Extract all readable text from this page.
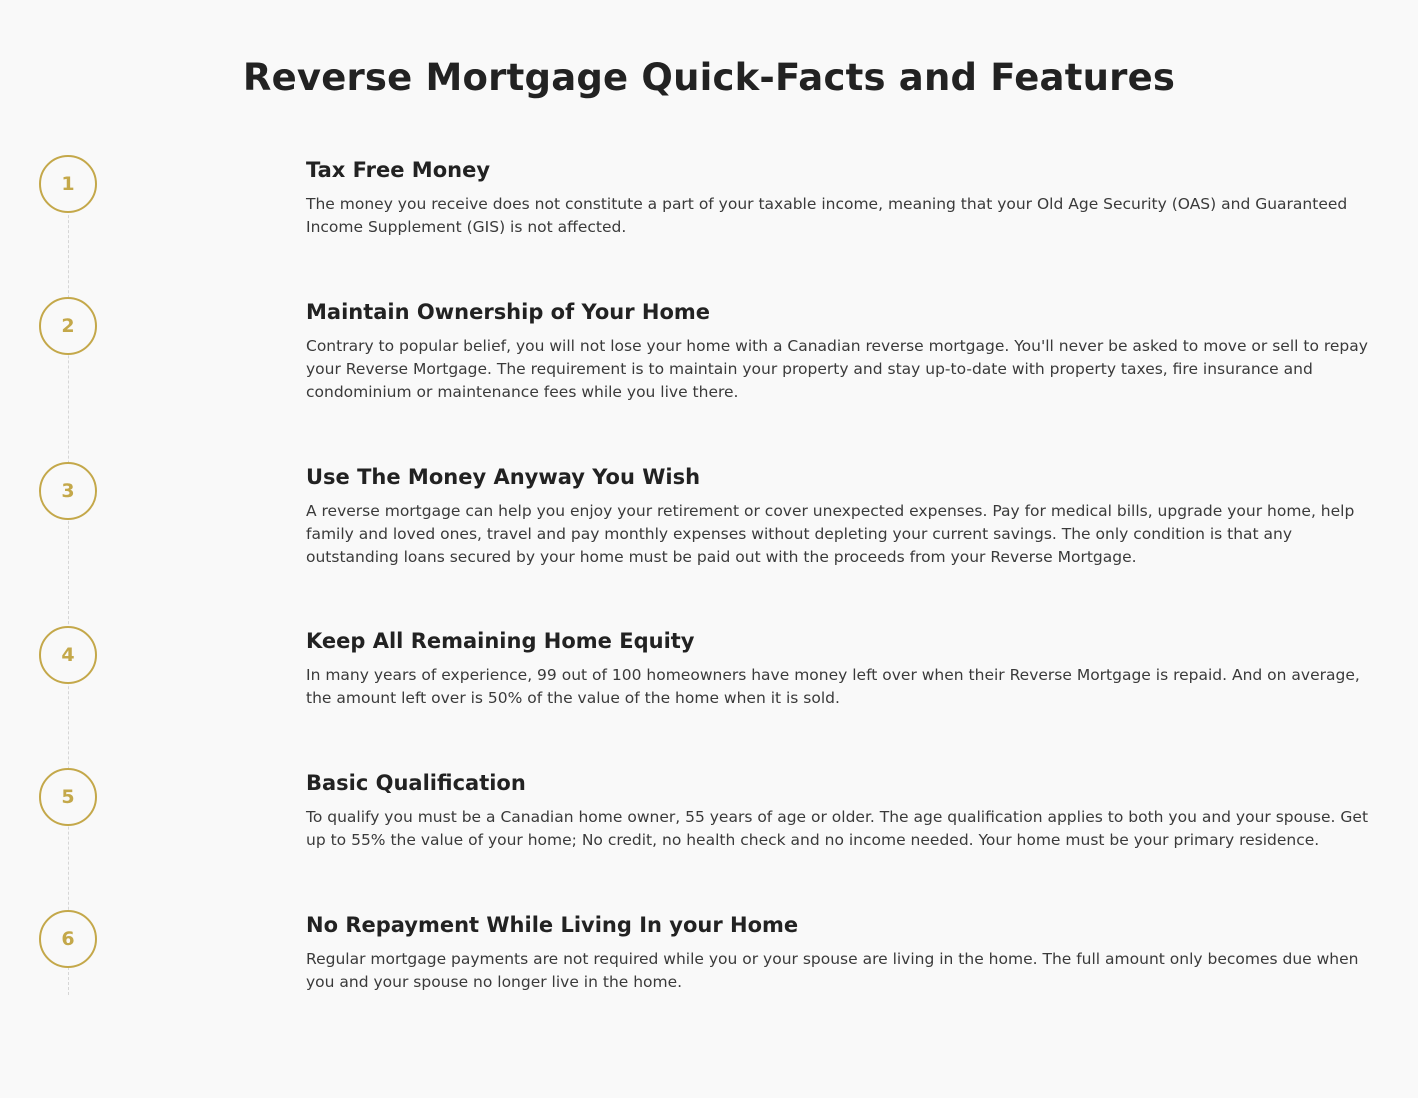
Reverse Mortgage Quick-Facts and Features
1
Tax Free Money

The money you receive does not constitute a part of your taxable income, meaning that your Old Age Security (OAS) and Guaranteed Income Supplement (GIS) is not affected.

2
Maintain Ownership of Your Home

Contrary to popular belief, you will not lose your home with a Canadian reverse mortgage. You'll never be asked to move or sell to repay your Reverse Mortgage. The requirement is to maintain your property and stay up-to-date with property taxes, fire insurance and condominium or maintenance fees while you live there.

3
Use The Money Anyway You Wish

A reverse mortgage can help you enjoy your retirement or cover unexpected expenses. Pay for medical bills, upgrade your home, help family and loved ones, travel and pay monthly expenses without depleting your current savings. The only condition is that any outstanding loans secured by your home must be paid out with the proceeds from your Reverse Mortgage.

4
Keep All Remaining Home Equity

In many years of experience, 99 out of 100 homeowners have money left over when their Reverse Mortgage is repaid. And on average, the amount left over is 50% of the value of the home when it is sold.

5
Basic Qualification

To qualify you must be a Canadian home owner, 55 years of age or older. The age qualification applies to both you and your spouse. Get up to 55% the value of your home; No credit, no health check and no income needed. Your home must be your primary residence.

6
No Repayment While Living In your Home

Regular mortgage payments are not required while you or your spouse are living in the home. The full amount only becomes due when you and your spouse no longer live in the home.
